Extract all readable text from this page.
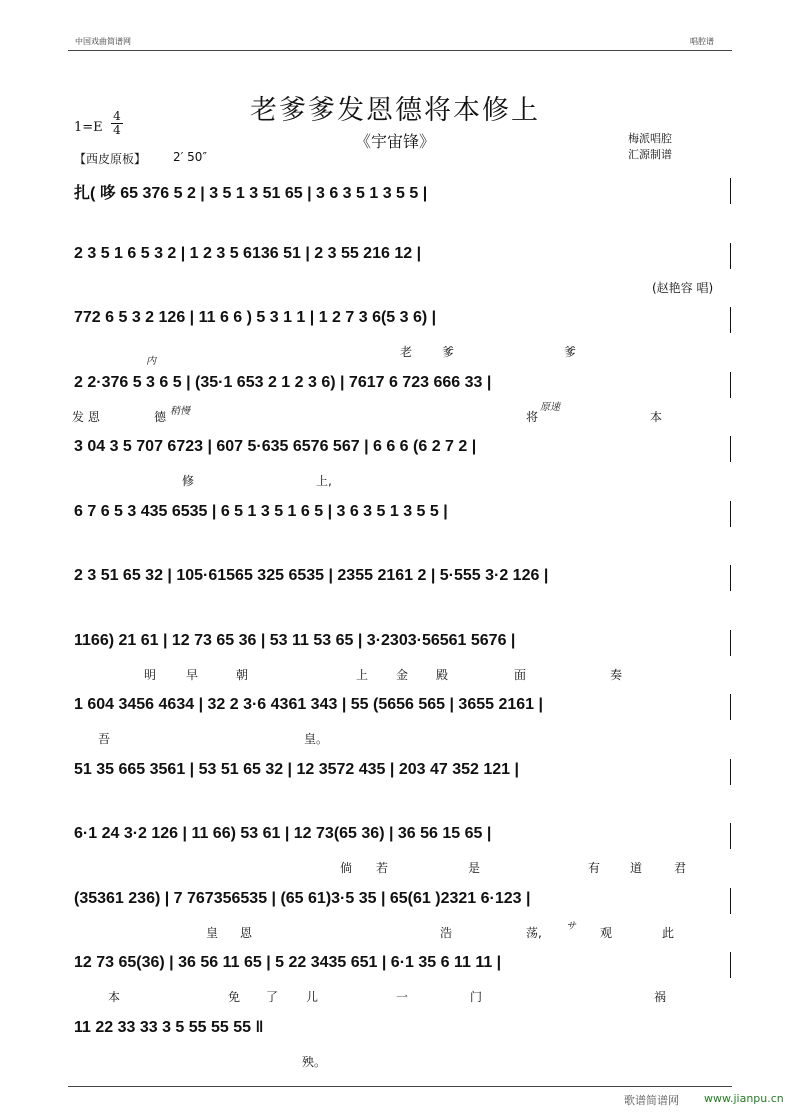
中国戏曲简谱网	唱腔谱
老爹爹发恩德将本修上
《宇宙锋》
1=E
4
4
【西皮原板】 2′ 50″
梅派唱腔
汇源制谱
扎( 哆 65 376 5 2 | 3 5 1 3 51 65 | 3 6 3 5 1 3 5 5 |
2 3 5 1 6 5 3 2 | 1 2 3 5 6136 51 | 2 3 55 216 12 |
(赵艳容 唱)
772 6 5 3 2 126 | 11 6 6 ) 5 3 1 1 | 1 2 7 3 6(5 3 6) |
老 爹	爹
2 2·376 5 3 6 5 | (35·1 653 2 1 2 3 6) | 7617 6 723 666 33 |
发 恩	德	将	本
3 04 3 5 707 6723 | 607 5·635 6576 567 | 6 6 6 (6 2 7 2 |
修	上,
6 7 6 5 3 435 6535 | 6 5 1 3 5 1 6 5 | 3 6 3 5 1 3 5 5 |
2 3 51 65 32 | 105·61565 325 6535 | 2355 2161 2 | 5·555 3·2 126 |
1166) 21 61 | 12 73 65 36 | 53 11 53 65 | 3·2303·56561 5676 |
明 早	朝	上 金 殿	面	奏
1 604 3456 4634 | 32 2 3·6 4361 343 | 55 (5656 565 | 3655 2161 |
吾	皇。
51 35 665 3561 | 53 51 65 32 | 12 3572 435 | 203 47 352 121 |
6·1 24 3·2 126 | 11 66) 53 61 | 12 73(65 36) | 36 56 15 65 |
倘 若	是	有 道	君
(35361 236) | 7 767356535 | (65 61)3·5 35 | 65(61 )2321 6·123 |
皇 恩	浩	荡,	观	此
12 73 65(36) | 36 56 11 65 | 5 22 3435 651 | 6·1 35 6 11 11 |
本	免 了 儿	一	门	祸
11 22 33 33 3 5 55 55 55 ‖
殃。
内
稍慢	原速
サ
歌谱简谱网 www.jianpu.cn
